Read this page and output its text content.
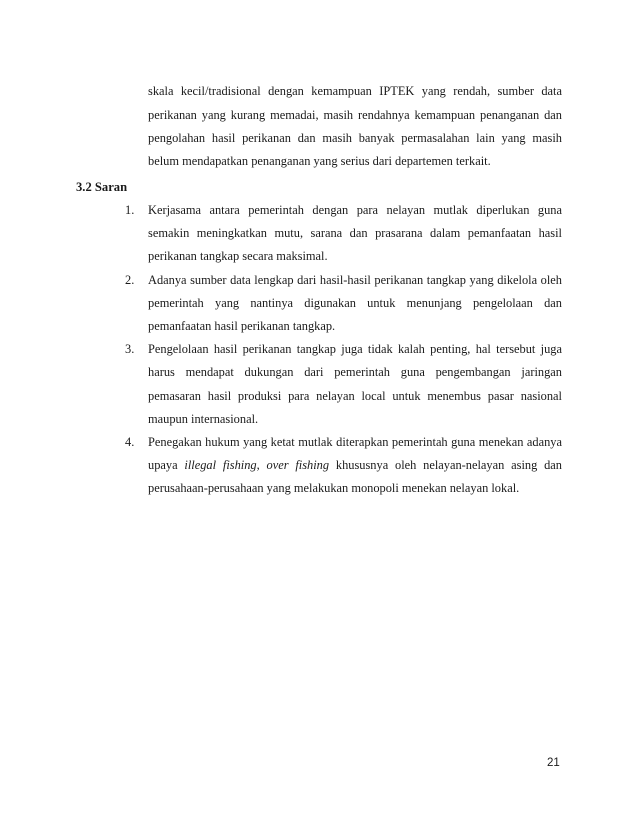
skala kecil/tradisional dengan kemampuan IPTEK yang rendah, sumber data perikanan yang kurang memadai, masih rendahnya kemampuan penanganan dan pengolahan hasil perikanan dan masih banyak permasalahan lain yang masih belum mendapatkan penanganan yang serius dari departemen terkait.

3.2 Saran
1. Kerjasama antara pemerintah dengan para nelayan mutlak diperlukan guna semakin meningkatkan mutu, sarana dan prasarana dalam pemanfaatan hasil perikanan tangkap secara maksimal.
2. Adanya sumber data lengkap dari hasil-hasil perikanan tangkap yang dikelola oleh pemerintah yang nantinya digunakan untuk menunjang pengelolaan dan pemanfaatan hasil perikanan tangkap.
3. Pengelolaan hasil perikanan tangkap juga tidak kalah penting, hal tersebut juga harus mendapat dukungan dari pemerintah guna pengembangan jaringan pemasaran hasil produksi para nelayan local untuk menembus pasar nasional maupun internasional.
4. Penegakan hukum yang ketat mutlak diterapkan pemerintah guna menekan adanya upaya illegal fishing, over fishing khususnya oleh nelayan-nelayan asing dan perusahaan-perusahaan yang melakukan monopoli menekan nelayan lokal.
21
